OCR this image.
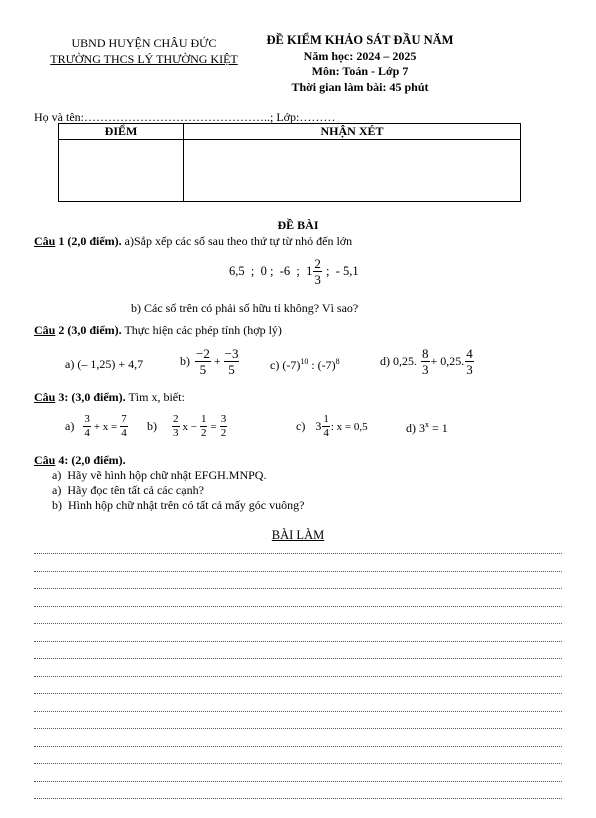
UBND HUYỆN CHÂU ĐỨC
TRƯỜNG THCS LÝ THƯỜNG KIỆT
ĐỀ KIỂM KHẢO SÁT ĐẦU NĂM
Năm học: 2024 – 2025
Môn: Toán - Lớp 7
Thời gian làm bài: 45 phút
Họ và tên:………………………………………..; Lớp:………
ĐIỂM	NHẬN XÉT

ĐỀ BÀI
Câu 1 (2,0 điểm). a)Sắp xếp các số sau theo thứ tự từ nhỏ đến lớn
6,5  ;  0 ;  -6  ;  $1 \frac{2}{3}$ ;  - 5,1
b) Các số trên có phải số hữu tỉ không? Vì sao?
Câu 2 (3,0 điểm). Thực hiện các phép tính (hợp lý)
a) (– 1,25) + 4,7	$b) \frac{-2}{5} + \frac{-3}{5}$	c) $(-7)^{10}$ : $(-7)^8$	d) 0,25. $\frac{8}{3} + 0,25$. $\frac{4}{3}$
Câu 3: (3,0 điểm). Tìm x, biết:
$a) \frac{3}{4} + x = \frac{7}{4} b) \frac{2}{3}$ $x - \frac{1}{2} = \frac{3}{2}$	c) $3 \frac{1}{4}$ : x = 0,5	d) $3^x = 1$
Câu 4: (2,0 điểm).
a)  Hãy vẽ hình hộp chữ nhật EFGH.MNPQ.
a)  Hãy đọc tên tất cả các cạnh?
b)  Hình hộp chữ nhật trên có tất cả mấy góc vuông?
BÀI LÀM
